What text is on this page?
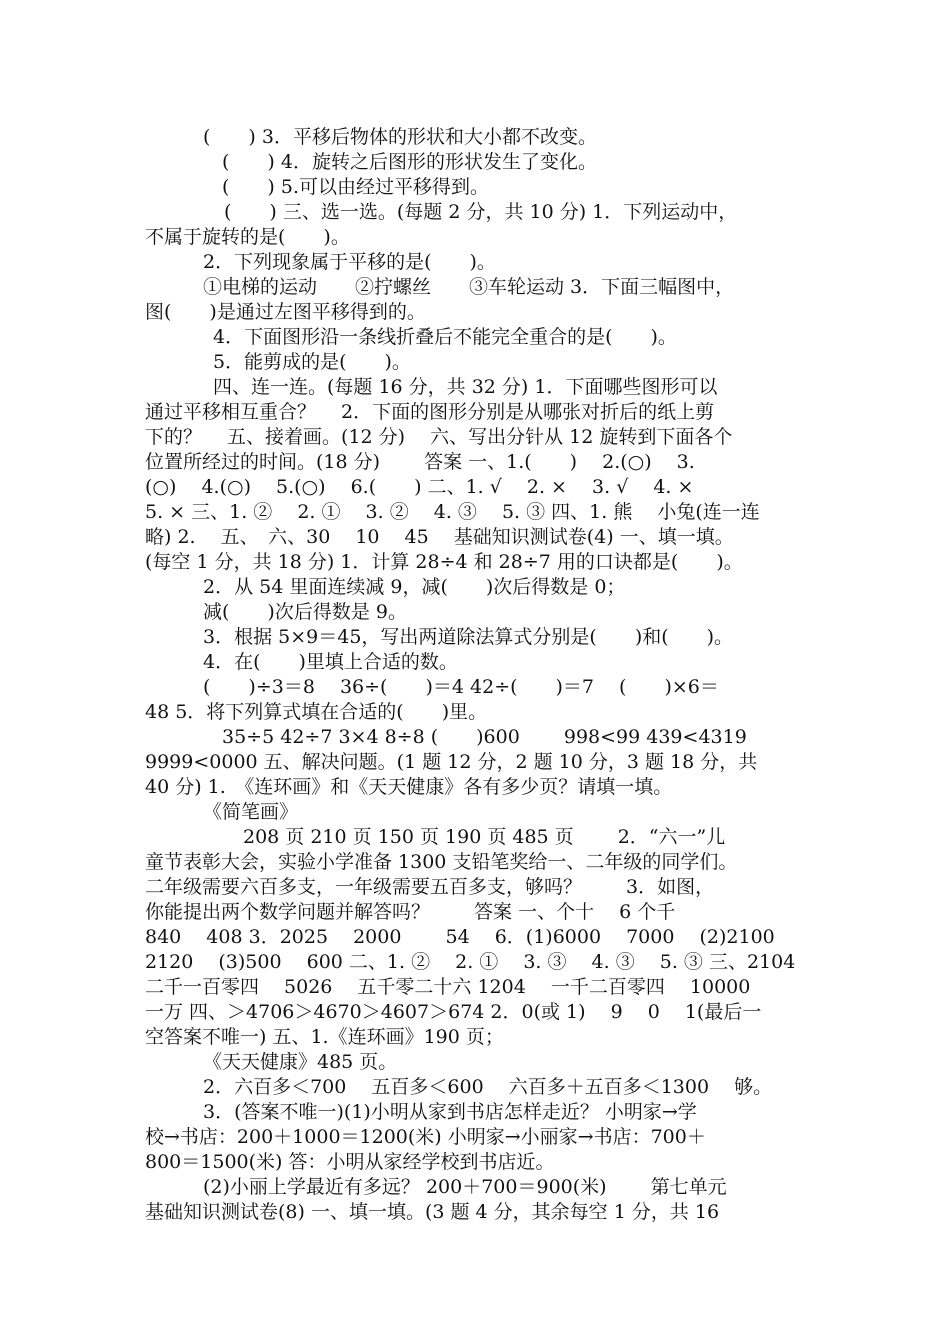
(　　) 3．平移后物体的形状和大小都不改变。
(　　) 4．旋转之后图形的形状发生了变化。
(　　) 5.可以由经过平移得到。
(　　) 三、选一选。(每题 2 分，共 10 分) 1．下列运动中，
不属于旋转的是(　　)。
2．下列现象属于平移的是(　　)。
①电梯的运动　　②拧螺丝　　③车轮运动 3．下面三幅图中，
图(　　)是通过左图平移得到的。
4．下面图形沿一条线折叠后不能完全重合的是(　　)。
5．能剪成的是(　　)。
四、连一连。(每题 16 分，共 32 分) 1．下面哪些图形可以
通过平移相互重合？　 2．下面的图形分别是从哪张对折后的纸上剪
下的？　 五、接着画。(12 分)　 六、写出分针从 12 旋转到下面各个
位置所经过的时间。(18 分)　　 答案 一、1.(　　)　 2.(○)　 3.
(○)　 4.(○)　 5.(○)　 6.(　　) 二、1. √　 2. ×　 3. √　 4. ×
5. × 三、1. ②　 2. ①　 3. ②　 4. ③　 5. ③ 四、1. 熊　 小兔(连一连
略) 2.　 五、　六、30　 10　 45　 基础知识测试卷(4) 一、填一填。
(每空 1 分，共 18 分) 1．计算 28÷4 和 28÷7 用的口诀都是(　　)。
2．从 54 里面连续减 9，减(　　)次后得数是 0；
减(　　)次后得数是 9。
3．根据 5×9＝45，写出两道除法算式分别是(　　)和(　　)。
4．在(　　)里填上合适的数。
(　　)÷3＝8　 36÷(　　)＝4 42÷(　　)＝7　 (　　)×6＝
48 5．将下列算式填在合适的(　　)里。
35÷5 42÷7 3×4 8÷8 (　　)600　　 998<99 439<4319
9999<0000 五、解决问题。(1 题 12 分，2 题 10 分，3 题 18 分，共
40 分) 1.　《连环画》和《天天健康》各有多少页？请填一填。
《简笔画》
208 页 210 页 150 页 190 页 485 页　　 2．“六一”儿
童节表彰大会，实验小学准备 1300 支铅笔奖给一、二年级的同学们。
二年级需要六百多支，一年级需要五百多支，够吗？　　 3．如图，
你能提出两个数学问题并解答吗？　　 答案 一、个十　 6 个千
840　 408 3．2025　 2000　　 54　 6．(1)6000　 7000　 (2)2100
2120　 (3)500　 600 二、1. ②　 2. ①　 3. ③　 4. ③　 5. ③ 三、2104
二千一百零四　 5026　 五千零二十六 1204　 一千二百零四　 10000
一万 四、＞4706＞4670＞4607＞674 2．0(或 1)　 9　 0　 1(最后一
空答案不唯一) 五、1.《连环画》190 页；
《天天健康》485 页。
2．六百多＜700　 五百多＜600　 六百多＋五百多＜1300　 够。
3．(答案不唯一)(1)小明从家到书店怎样走近？ 小明家→学
校→书店：200＋1000＝1200(米) 小明家→小丽家→书店：700＋
800＝1500(米) 答：小明从家经学校到书店近。
(2)小丽上学最近有多远？ 200＋700＝900(米)　　 第七单元
基础知识测试卷(8) 一、填一填。(3 题 4 分，其余每空 1 分，共 16
